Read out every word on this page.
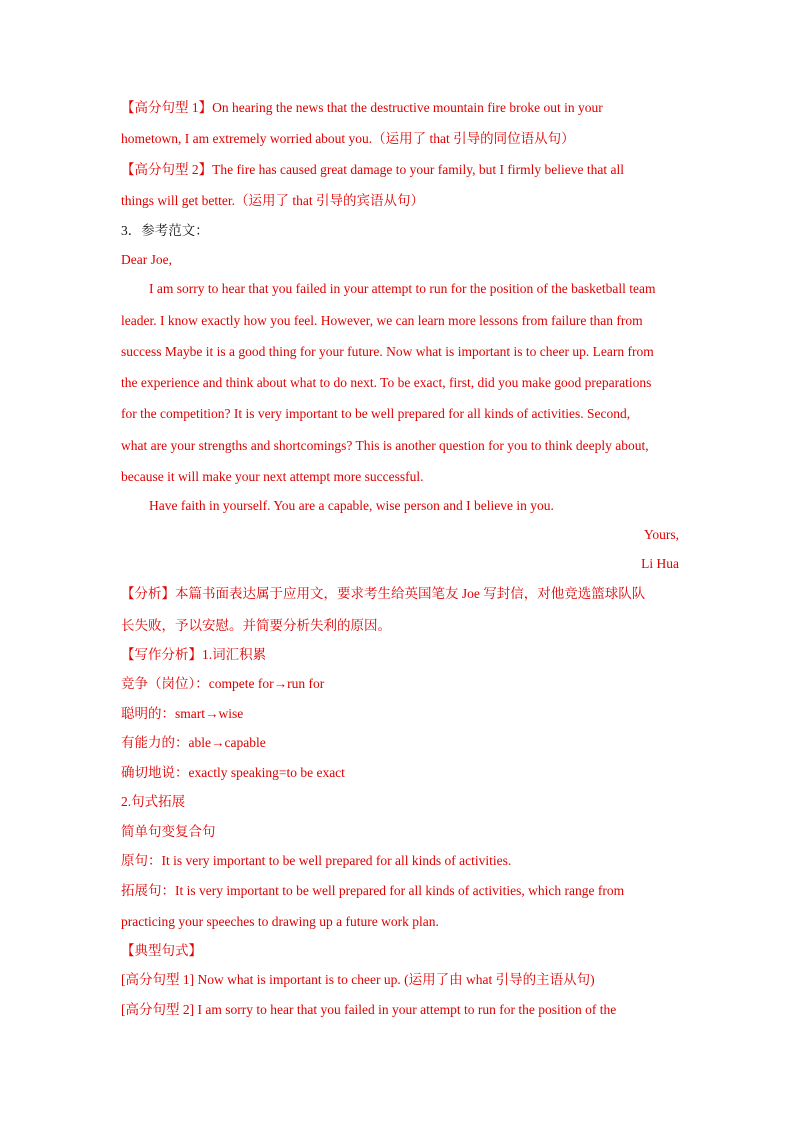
【高分句型 1】On hearing the news that the destructive mountain fire broke out in your
hometown, I am extremely worried about you.（运用了 that 引导的同位语从句）
【高分句型 2】The fire has caused great damage to your family, but I firmly believe that all
things will get better.（运用了 that 引导的宾语从句）
3．参考范文：
Dear Joe,
I am sorry to hear that you failed in your attempt to run for the position of the basketball team
leader. I know exactly how you feel. However, we can learn more lessons from failure than from
success Maybe it is a good thing for your future. Now what is important is to cheer up. Learn from
the experience and think about what to do next. To be exact, first, did you make good preparations
for the competition? It is very important to be well prepared for all kinds of activities. Second,
what are your strengths and shortcomings? This is another question for you to think deeply about,
because it will make your next attempt more successful.
Have faith in yourself. You are a capable, wise person and I believe in you.
Yours,
Li Hua
【分析】本篇书面表达属于应用文，要求考生给英国笔友 Joe 写封信，对他竞选篮球队队
长失败，予以安慰。并简要分析失利的原因。
【写作分析】1.词汇积累
竞争（岗位）：compete for→run for
聪明的：smart→wise
有能力的：able→capable
确切地说：exactly speaking=to be exact
2.句式拓展
简单句变复合句
原句：It is very important to be well prepared for all kinds of activities.
拓展句：It is very important to be well prepared for all kinds of activities, which range from
practicing your speeches to drawing up a future work plan.
【典型句式】
[高分句型 1] Now what is important is to cheer up. (运用了由 what 引导的主语从句)
[高分句型 2] I am sorry to hear that you failed in your attempt to run for the position of the
